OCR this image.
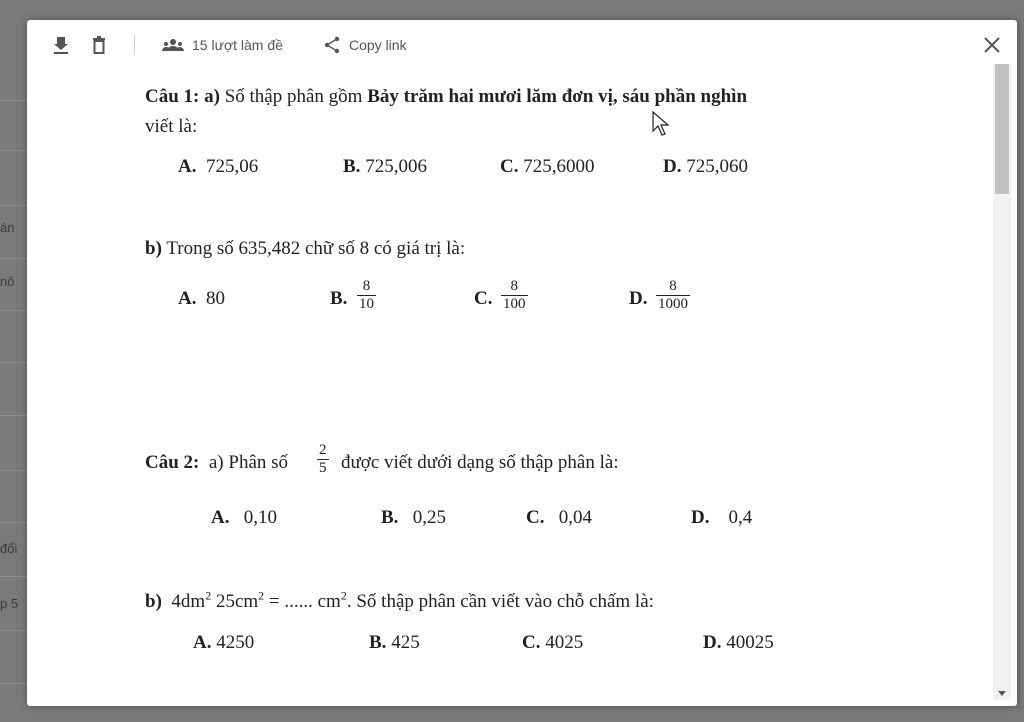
án
nô
đổi
p 5
15 lượt làm đề	Copy link
Câu 1: a) Số thập phân gồm Bảy trăm hai mươi lăm đơn vị, sáu phần nghìn
viết là:
A. 725,06	B. 725,006	C. 725,6000	D. 725,060
b) Trong số 635,482 chữ số 8 có giá trị là:
A. 80	B. $\frac{8}{10}$	C. $\frac{8}{100}$	D. $\frac{8}{1000}$
Câu 2: a) Phân số $\frac{2}{5}$ được viết dưới dạng số thập phân là:
A. 0,10	B. 0,25	C. 0,04	D. 0,4
b) $4dm^2$ $25cm^2$ = ...... $cm^2$. Số thập phân cần viết vào chỗ chấm là:
A. 4250	B. 425	C. 4025	D. 40025
